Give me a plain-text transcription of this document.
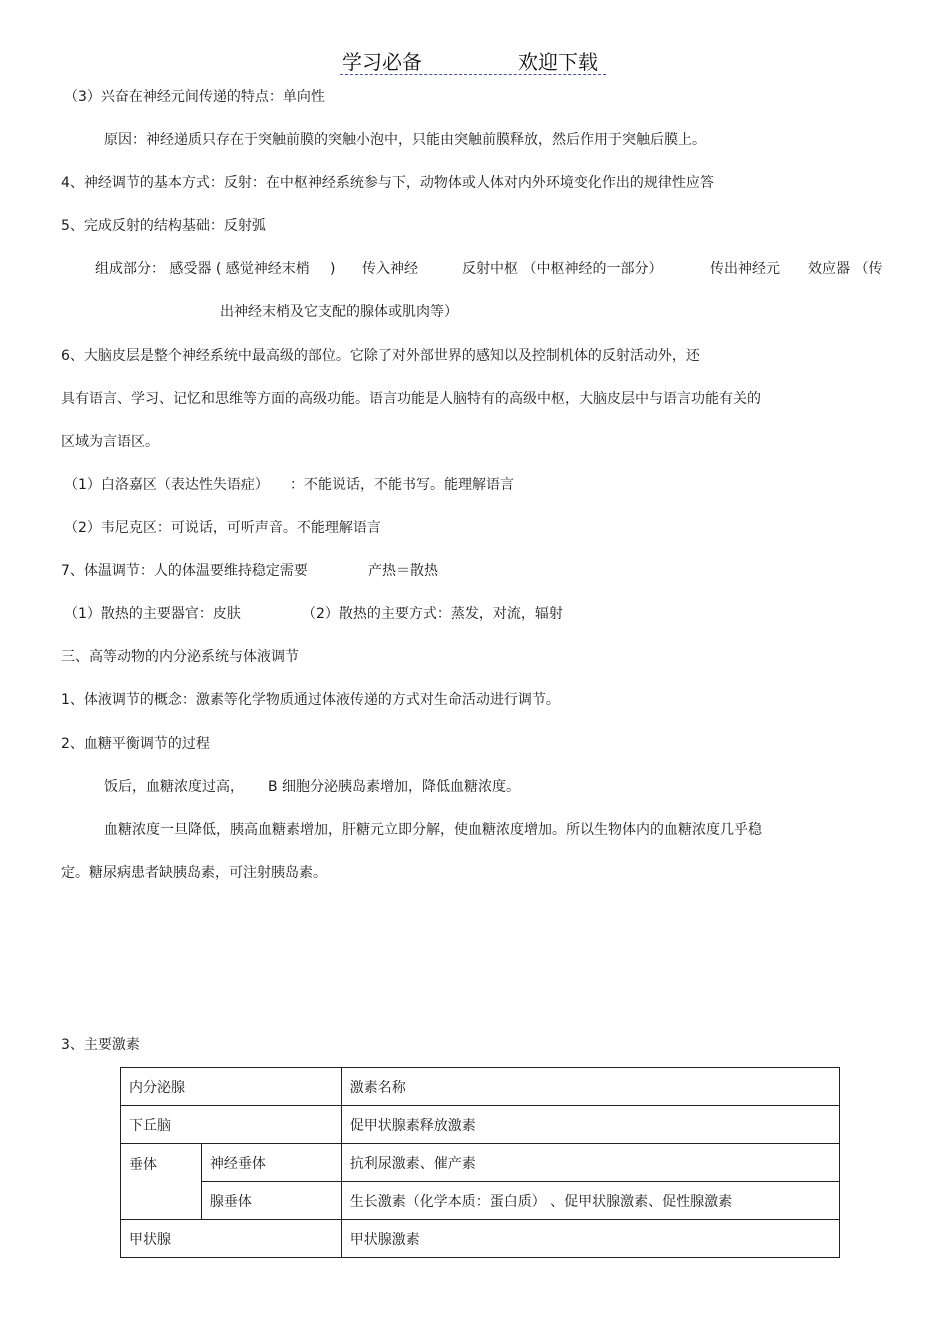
学习必备	欢迎下载
（3）兴奋在神经元间传递的特点：单向性
原因：神经递质只存在于突触前膜的突触小泡中，只能由突触前膜释放，然后作用于突触后膜上。
4、神经调节的基本方式：反射：在中枢神经系统参与下，动物体或人体对内外环境变化作出的规律性应答
5、完成反射的结构基础：反射弧
组成部分： 感受器 ( 感觉神经末梢 ) 传入神经	反射中枢 （中枢神经的一部分）	传出神经元 效应器 （传
出神经末梢及它支配的腺体或肌肉等）
6、大脑皮层是整个神经系统中最高级的部位。它除了对外部世界的感知以及控制机体的反射活动外，还
具有语言、学习、记忆和思维等方面的高级功能。语言功能是人脑特有的高级中枢，大脑皮层中与语言功能有关的
区域为言语区。
（1）白洛嘉区（表达性失语症） ：不能说话，不能书写。能理解语言
（2）韦尼克区：可说话，可听声音。不能理解语言
7、体温调节：人的体温要维持稳定需要	产热＝散热
（1）散热的主要器官：皮肤	（2）散热的主要方式：蒸发，对流，辐射
三、高等动物的内分泌系统与体液调节
1、体液调节的概念：激素等化学物质通过体液传递的方式对生命活动进行调节。
2、血糖平衡调节的过程
饭后，血糖浓度过高， B 细胞分泌胰岛素增加，降低血糖浓度。
血糖浓度一旦降低，胰高血糖素增加，肝糖元立即分解，使血糖浓度增加。所以生物体内的血糖浓度几乎稳
定。糖尿病患者缺胰岛素，可注射胰岛素。
3、主要激素
内分泌腺		激素名称
下丘脑		促甲状腺素释放激素
垂体	神经垂体	抗利尿激素、催产素
	腺垂体	生长激素（化学本质：蛋白质） 、促甲状腺激素、促性腺激素
甲状腺		甲状腺激素
